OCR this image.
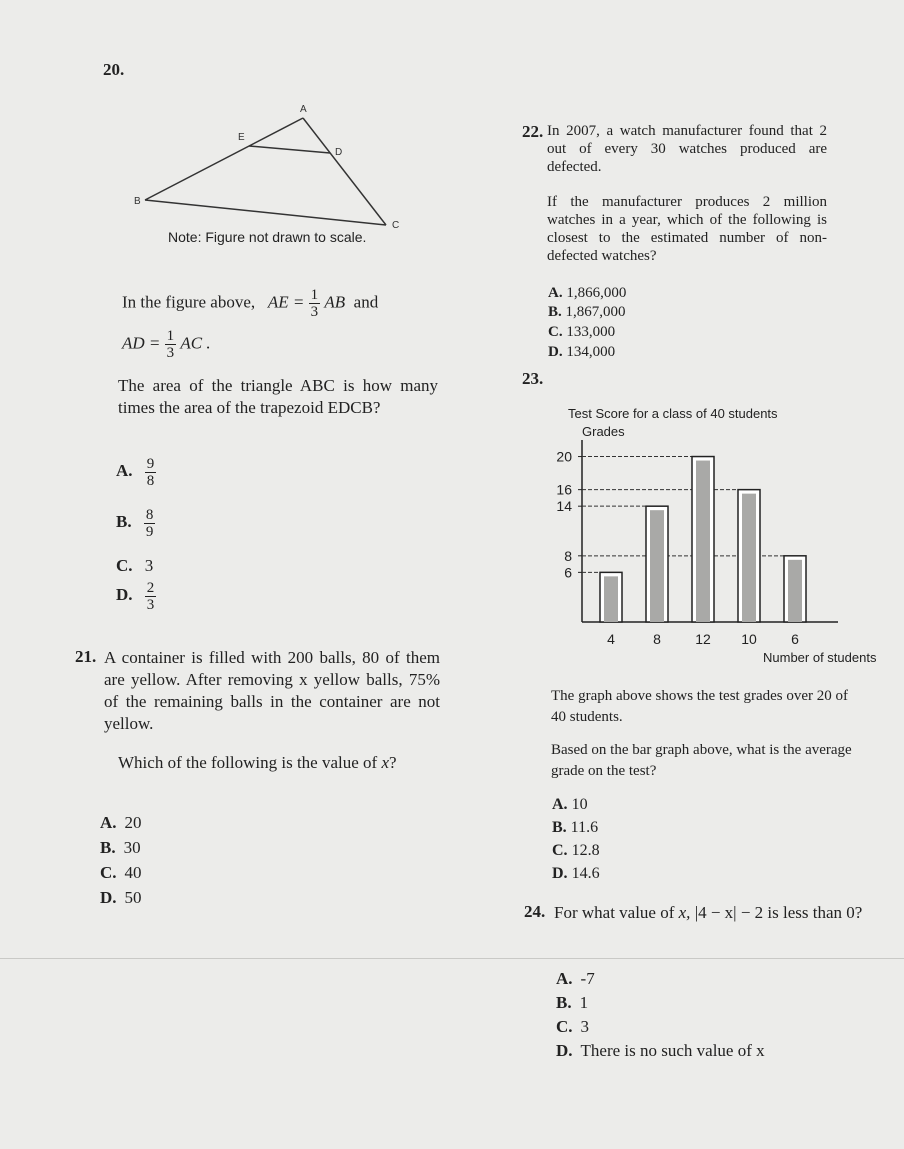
20.
A
E
D
B
C
Note: Figure not drawn to scale.
In the figure above, AE = $\frac{1}{3}$ AB and
AD = $\frac{1}{3}$ AC .
The area of the triangle ABC is how many times the area of the trapezoid EDCB?
A. $\frac{9}{8}$
B. $\frac{8}{9}$
C. 3
D. $\frac{2}{3}$
21. A container is filled with 200 balls, 80 of them are yellow. After removing x yellow balls, 75% of the remaining balls in the container are not yellow.
Which of the following is the value of x?
A. 20
B. 30
C. 40
D. 50
22. In 2007, a watch manufacturer found that 2 out of every 30 watches produced are defected.
If the manufacturer produces 2 million watches in a year, which of the following is closest to the estimated number of non-defected watches?
A. 1,866,000
B. 1,867,000
C. 133,000
D. 134,000
23.
Test Score for a class of 40 students
Grades
Number of students
6
8
14
16
20
4	8 12 10 6
The graph above shows the test grades over 20 of 40 students.
Based on the bar graph above, what is the average grade on the test?
A. 10
B. 11.6
C. 12.8
D. 14.6
24. For what value of x, |4 − x| − 2 is less than 0?
A. -7
B. 1
C. 3
D. There is no such value of x
